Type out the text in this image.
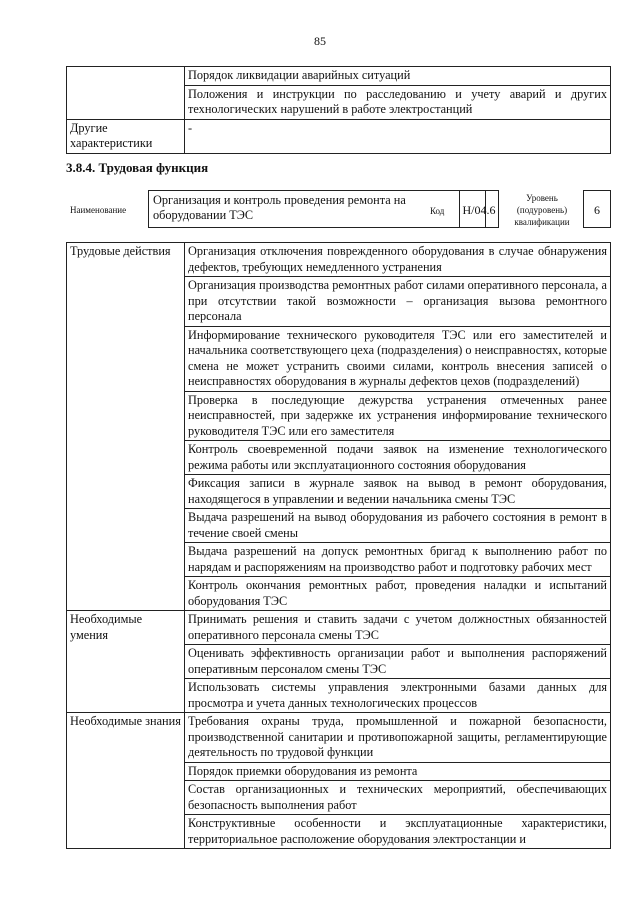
85
	Порядок ликвидации аварийных ситуаций
	Положения и инструкции по расследованию и учету аварий и других технологических нарушений в работе электростанций
Другие характеристики	-
3.8.4. Трудовая функция
Наименование
Организация и контроль проведения ремонта на оборудовании ТЭС	Код H/04.6
Уровень (подуровень) квалификации
6
Трудовые действия	Организация отключения поврежденного оборудования в случае обнаружения дефектов, требующих немедленного устранения
	Организация производства ремонтных работ силами оперативного персонала, а при отсутствии такой возможности – организация вызова ремонтного персонала
	Информирование технического руководителя ТЭС или его заместителей и начальника соответствующего цеха (подразделения) о неисправностях, которые смена не может устранить своими силами, контроль внесения записей о неисправностях оборудования в журналы дефектов цехов (подразделений)
	Проверка в последующие дежурства устранения отмеченных ранее неисправностей, при задержке их устранения информирование технического руководителя ТЭС или его заместителя
	Контроль своевременной подачи заявок на изменение технологического режима работы или эксплуатационного состояния оборудования
	Фиксация записи в журнале заявок на вывод в ремонт оборудования, находящегося в управлении и ведении начальника смены ТЭС
	Выдача разрешений на вывод оборудования из рабочего состояния в ремонт в течение своей смены
	Выдача разрешений на допуск ремонтных бригад к выполнению работ по нарядам и распоряжениям на производство работ и подготовку рабочих мест
	Контроль окончания ремонтных работ, проведения наладки и испытаний оборудования ТЭС
Необходимые умения	Принимать решения и ставить задачи с учетом должностных обязанностей оперативного персонала смены ТЭС
	Оценивать эффективность организации работ и выполнения распоряжений оперативным персоналом смены ТЭС
	Использовать системы управления электронными базами данных для просмотра и учета данных технологических процессов
Необходимые знания	Требования охраны труда, промышленной и пожарной безопасности, производственной санитарии и противопожарной защиты, регламентирующие деятельность по трудовой функции
	Порядок приемки оборудования из ремонта
	Состав организационных и технических мероприятий, обеспечивающих безопасность выполнения работ
	Конструктивные особенности и эксплуатационные характеристики, территориальное расположение оборудования электростанции и
